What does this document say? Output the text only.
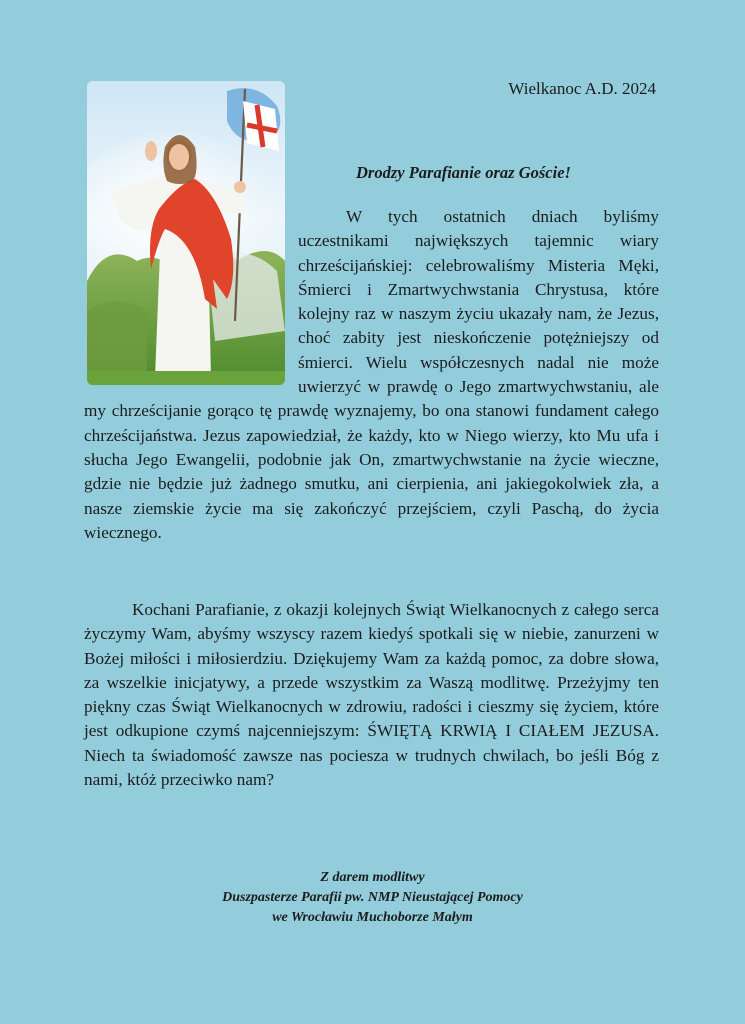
Wielkanoc A.D. 2024
Drodzy Parafianie oraz Goście!

W tych ostatnich dniach byliśmy uczestnikami największych tajemnic wiary chrześcijańskiej: celebrowaliśmy Misteria Męki, Śmierci i Zmartwychwstania Chrystusa, które kolejny raz w naszym życiu ukazały nam, że Jezus, choć zabity jest nieskończenie potężniejszy od śmierci. Wielu współczesnych nadal nie może uwierzyć w prawdę o Jego zmartwychwstaniu, ale my chrześcijanie gorąco tę prawdę wyznajemy, bo ona stanowi fundament całego chrześcijaństwa. Jezus zapowiedział, że każdy, kto w Niego wierzy, kto Mu ufa i słucha Jego Ewangelii, podobnie jak On, zmartwychwstanie na życie wieczne, gdzie nie będzie już żadnego smutku, ani cierpienia, ani jakiegokolwiek zła, a nasze ziemskie życie ma się zakończyć przejściem, czyli Paschą, do życia wiecznego.

Kochani Parafianie, z okazji kolejnych Świąt Wielkanocnych z całego serca życzymy Wam, abyśmy wszyscy razem kiedyś spotkali się w niebie, zanurzeni w Bożej miłości i miłosierdziu. Dziękujemy Wam za każdą pomoc, za dobre słowa, za wszelkie inicjatywy, a przede wszystkim za Waszą modlitwę. Przeżyjmy ten piękny czas Świąt Wielkanocnych w zdrowiu, radości i cieszmy się życiem, które jest odkupione czymś najcenniejszym: ŚWIĘTĄ KRWIĄ I CIAŁEM JEZUSA. Niech ta świadomość zawsze nas pociesza w trudnych chwilach, bo jeśli Bóg z nami, któż przeciwko nam?

Z darem modlitwy
Duszpasterze Parafii pw. NMP Nieustającej Pomocy
we Wrocławiu Muchoborze Małym
